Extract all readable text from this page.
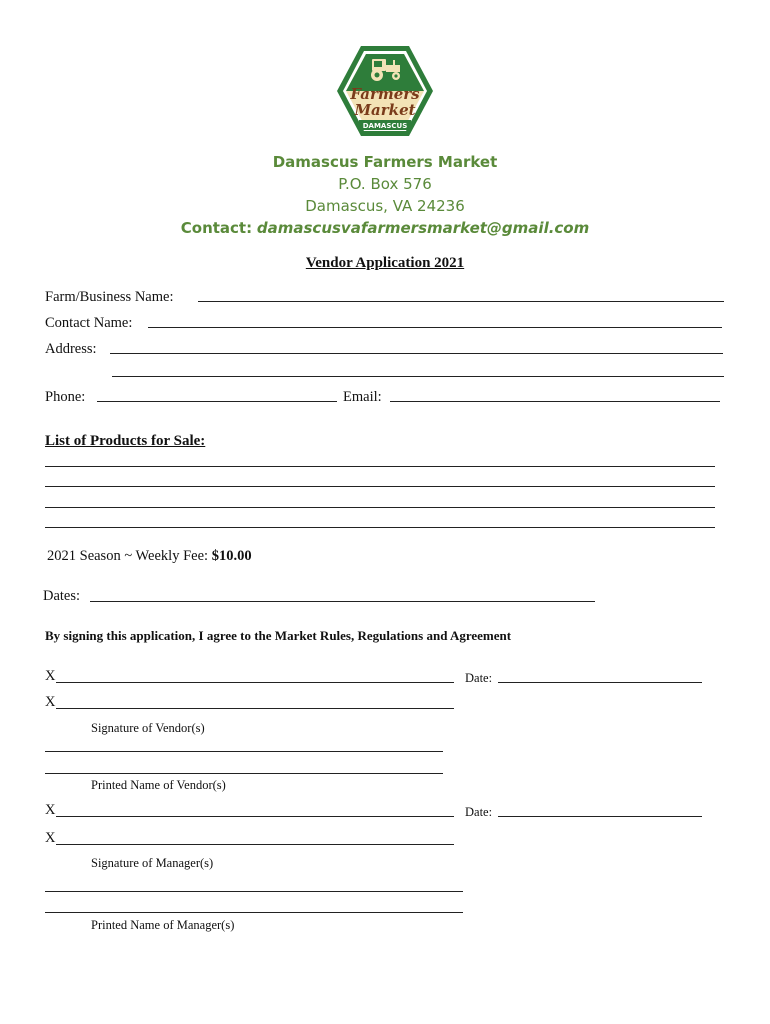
Farmers
Market
DAMASCUS
Damascus Farmers Market
P.O. Box 576
Damascus, VA 24236
Contact: damascusvafarmersmarket@gmail.com
Vendor Application 2021
Farm/Business Name:
Contact Name:
Address:
Phone:	Email:
List of Products for Sale:
2021 Season ~ Weekly Fee: $10.00
Dates:
By signing this application, I agree to the Market Rules, Regulations and Agreement
X	Date:
X
Signature of Vendor(s)
Printed Name of Vendor(s)
X	Date:
X
Signature of Manager(s)
Printed Name of Manager(s)
